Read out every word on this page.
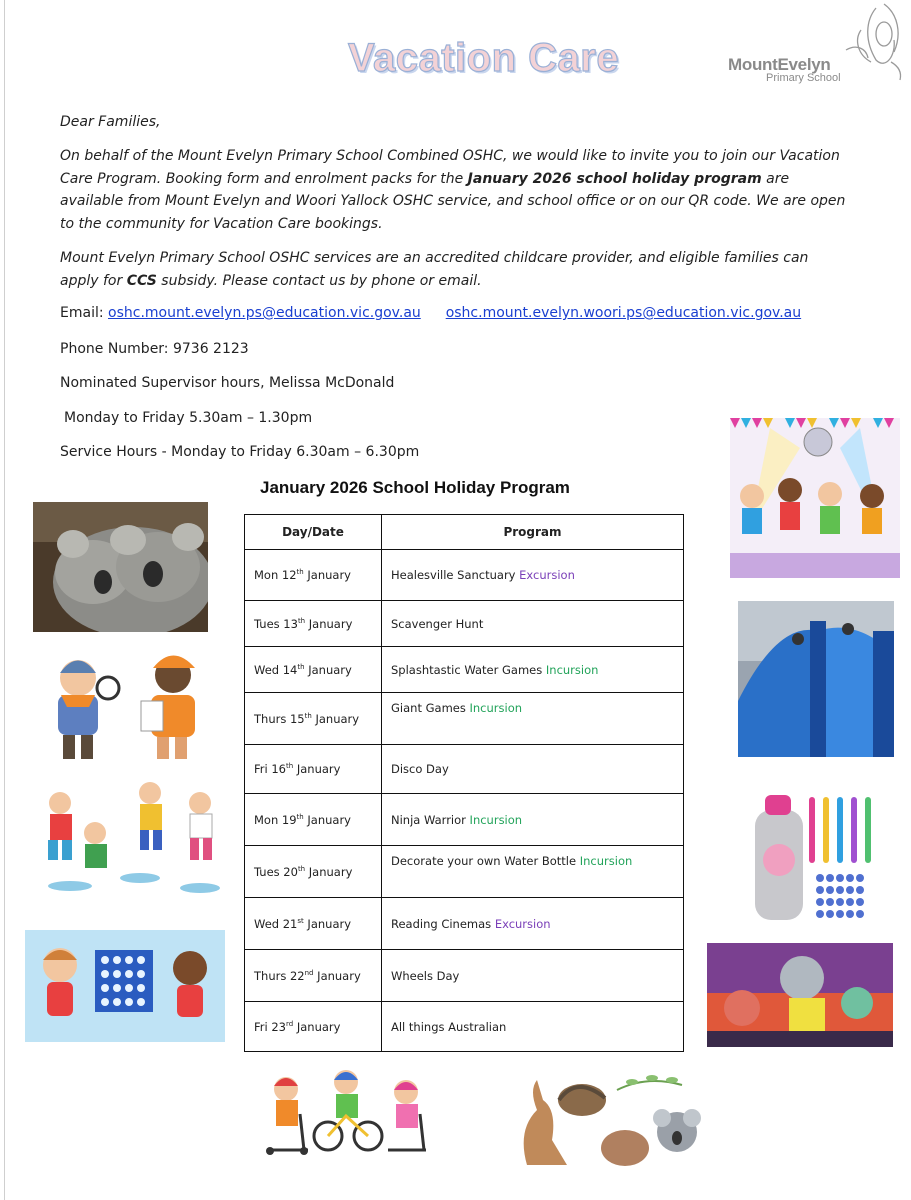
Vacation Care	MountEvelyn
Primary School
Dear Families,
On behalf of the Mount Evelyn Primary School Combined OSHC, we would like to invite you to join our Vacation Care Program. Booking form and enrolment packs for the January 2026 school holiday program are available from Mount Evelyn and Woori Yallock OSHC service, and school office or on our QR code. We are open to the community for Vacation Care bookings.
Mount Evelyn Primary School OSHC services are an accredited childcare provider, and eligible families can apply for CCS subsidy. Please contact us by phone or email.
Email: oshc.mount.evelyn.ps@education.vic.gov.au oshc.mount.evelyn.woori.ps@education.vic.gov.au
Phone Number: 9736 2123
Nominated Supervisor hours, Melissa McDonald
Monday to Friday 5.30am – 1.30pm
Service Hours - Monday to Friday 6.30am – 6.30pm
January 2026 School Holiday Program
Day/Date	Program
Mon 12th January	Healesville Sanctuary Excursion
Tues 13th January	Scavenger Hunt
Wed 14th January	Splashtastic Water Games Incursion
Thurs 15th January	Giant Games Incursion
Fri 16th January	Disco Day
Mon 19th January	Ninja Warrior Incursion
Tues 20th January	Decorate your own Water Bottle Incursion
Wed 21st January	Reading Cinemas Excursion
Thurs 22nd January	Wheels Day
Fri 23rd January	All things Australian
